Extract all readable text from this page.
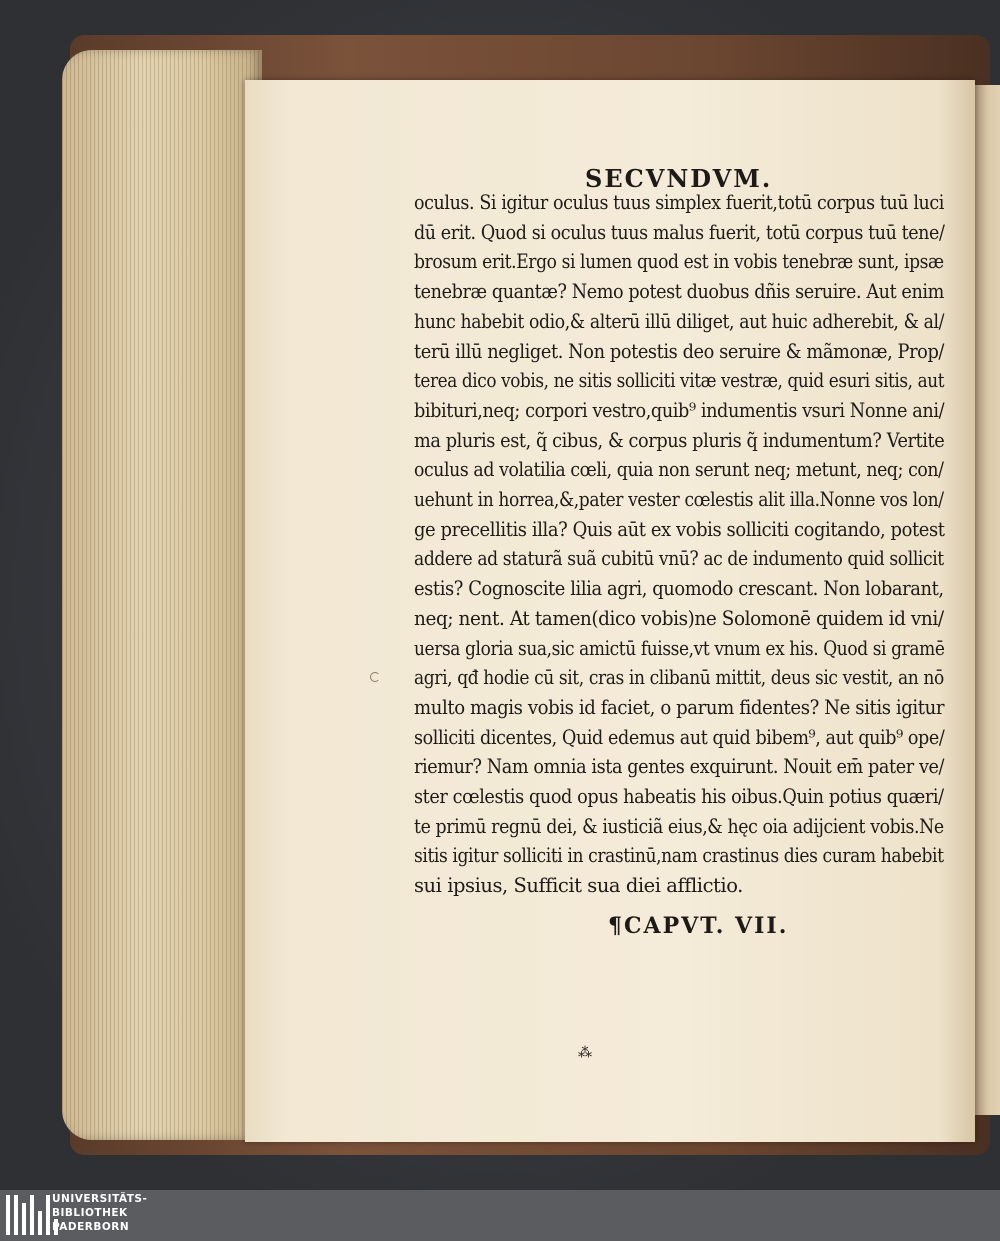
SECVNDVM.
oculus. Si igitur oculus tuus simplex fuerit,totū corpus tuū luci
dū erit. Quod si oculus tuus malus fuerit, totū corpus tuū tene/
brosum erit.Ergo si lumen quod est in vobis tenebræ sunt, ipsæ
tenebræ quantæ? Nemo potest duobus dñis seruire. Aut enim
hunc habebit odio,& alterū illū diliget, aut huic adherebit, & al/
terū illū negliget. Non potestis deo seruire & mãmonæ, Prop/
terea dico vobis, ne sitis solliciti vitæ vestræ, quid esuri sitis, aut
bibituri,neq; corpori vestro,quib⁹ indumentis vsuri Nonne ani/
ma pluris est, q̃ cibus, & corpus pluris q̃ indumentum? Vertite
oculus ad volatilia cœli, quia non serunt neq; metunt, neq; con/
uehunt in horrea,&,pater vester cœlestis alit illa.Nonne vos lon/
ge precellitis illa? Quis aūt ex vobis solliciti cogitando, potest
addere ad staturã suã cubitū vnū? ac de indumento quid sollicit
estis? Cognoscite lilia agri, quomodo crescant. Non lobarant,
neq; nent. At tamen(dico vobis)ne Solomonē quidem id vni/
uersa gloria sua,sic amictū fuisse,vt vnum ex his. Quod si gramē
agri, qđ hodie cū sit, cras in clibanū mittit, deus sic vestit, an nō
multo magis vobis id faciet, o parum fidentes? Ne sitis igitur
solliciti dicentes, Quid edemus aut quid bibem⁹, aut quib⁹ ope/
riemur? Nam omnia ista gentes exquirunt. Nouit em̄ pater ve/
ster cœlestis quod opus habeatis his oibus.Quin potius quæri/
te primū regnū dei, & iusticiã eius,& hęc oia adijcient vobis.Ne
sitis igitur solliciti in crastinū,nam crastinus dies curam habebit

sui ipsius, Sufficit sua diei afflictio.
¶CAPVT. VII.
⁂
UNIVERSITÄTS-
BIBLIOTHEK
PADERBORN
